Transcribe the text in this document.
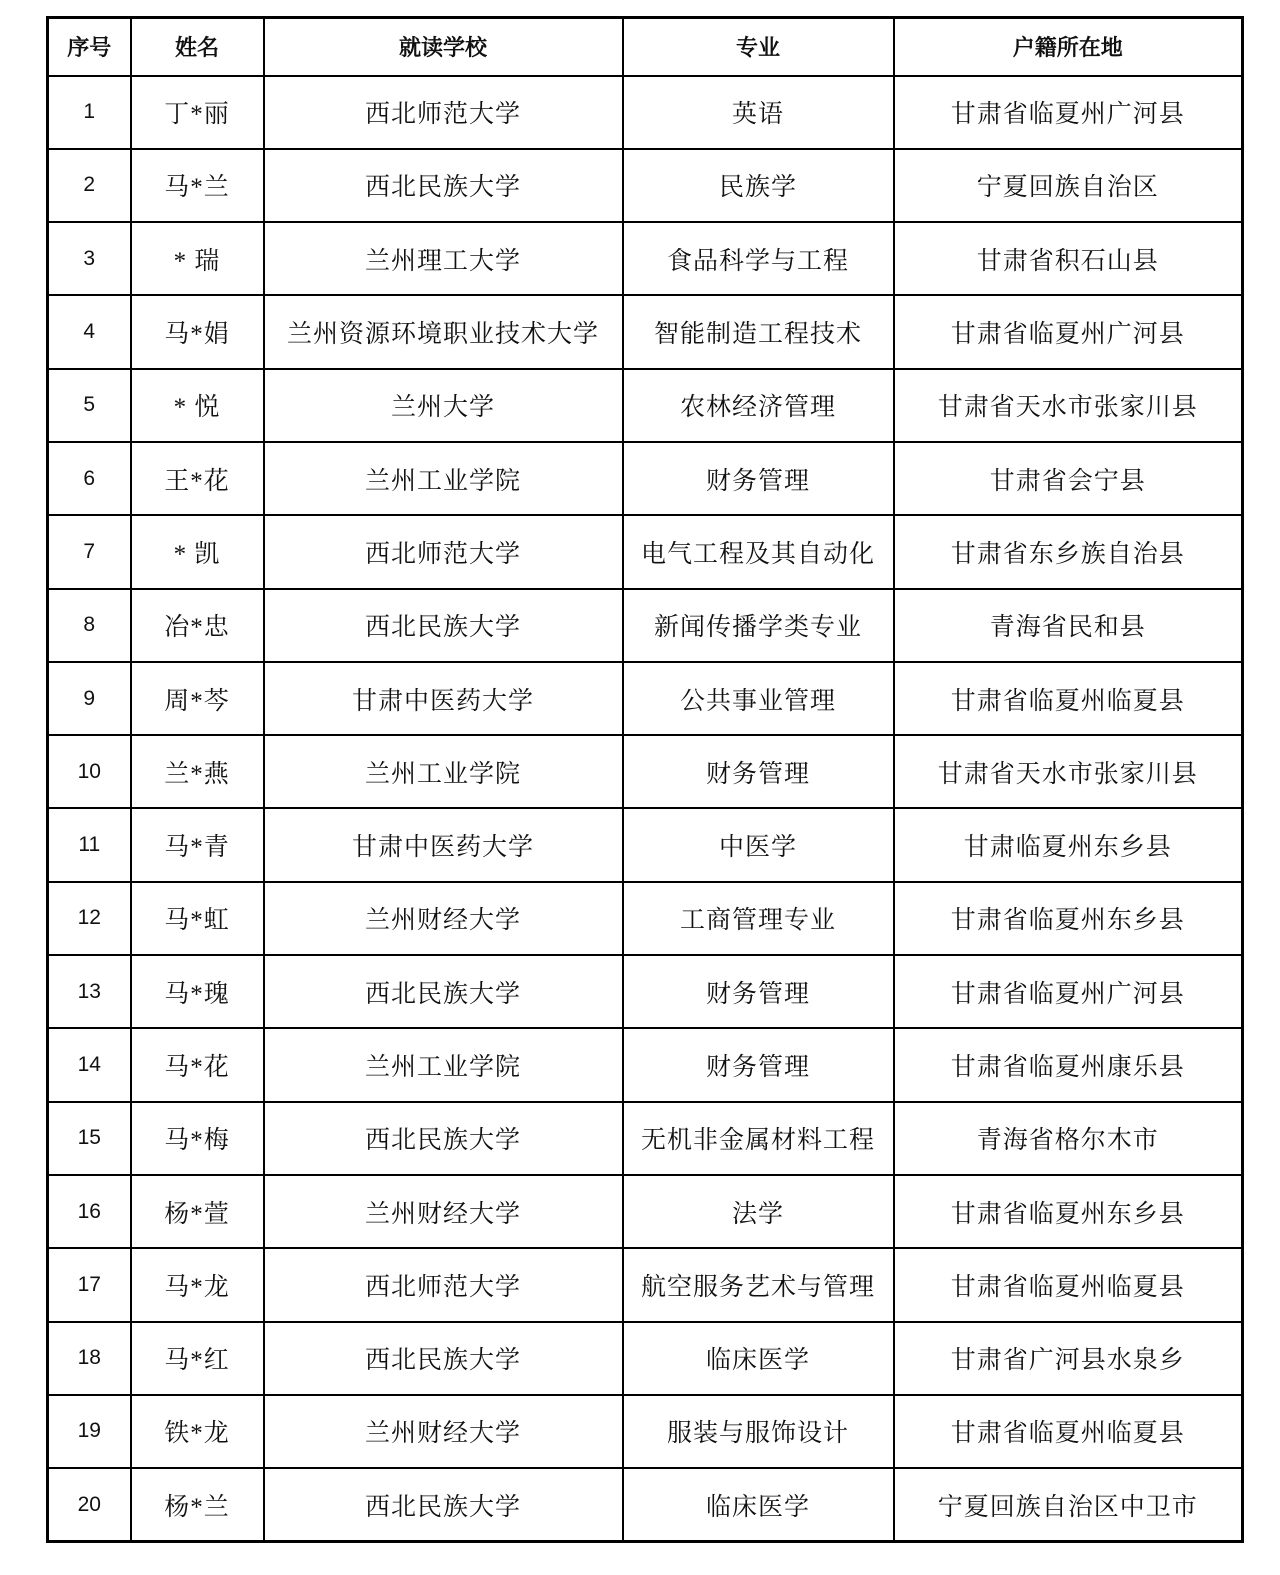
序号	姓名	就读学校	专业	户籍所在地
1	丁*丽	西北师范大学	英语	甘肃省临夏州广河县
2	马*兰	西北民族大学	民族学	宁夏回族自治区
3	* 瑞	兰州理工大学	食品科学与工程	甘肃省积石山县
4	马*娟	兰州资源环境职业技术大学	智能制造工程技术	甘肃省临夏州广河县
5	* 悦	兰州大学	农林经济管理	甘肃省天水市张家川县
6	王*花	兰州工业学院	财务管理	甘肃省会宁县
7	* 凯	西北师范大学	电气工程及其自动化	甘肃省东乡族自治县
8	冶*忠	西北民族大学	新闻传播学类专业	青海省民和县
9	周*芩	甘肃中医药大学	公共事业管理	甘肃省临夏州临夏县
10	兰*燕	兰州工业学院	财务管理	甘肃省天水市张家川县
11	马*青	甘肃中医药大学	中医学	甘肃临夏州东乡县
12	马*虹	兰州财经大学	工商管理专业	甘肃省临夏州东乡县
13	马*瑰	西北民族大学	财务管理	甘肃省临夏州广河县
14	马*花	兰州工业学院	财务管理	甘肃省临夏州康乐县
15	马*梅	西北民族大学	无机非金属材料工程	青海省格尔木市
16	杨*萱	兰州财经大学	法学	甘肃省临夏州东乡县
17	马*龙	西北师范大学	航空服务艺术与管理	甘肃省临夏州临夏县
18	马*红	西北民族大学	临床医学	甘肃省广河县水泉乡
19	铁*龙	兰州财经大学	服装与服饰设计	甘肃省临夏州临夏县
20	杨*兰	西北民族大学	临床医学	宁夏回族自治区中卫市
